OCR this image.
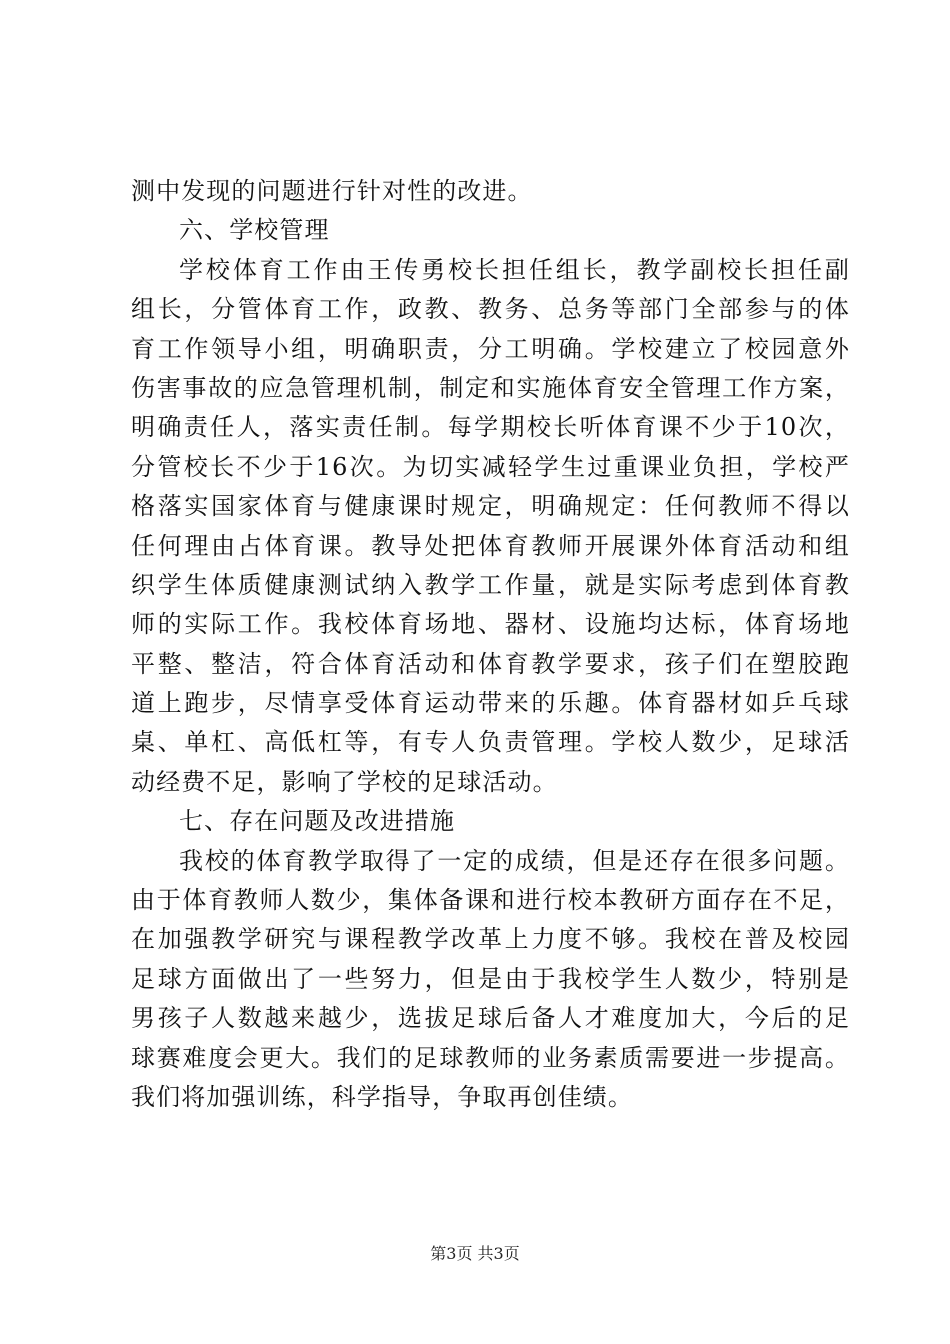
测中发现的问题进行针对性的改进。
六、学校管理
学校体育工作由王传勇校长担任组长，教学副校长担任副
组长，分管体育工作，政教、教务、总务等部门全部参与的体
育工作领导小组，明确职责，分工明确。学校建立了校园意外
伤害事故的应急管理机制，制定和实施体育安全管理工作方案，
明确责任人，落实责任制。每学期校长听体育课不少于10次，
分管校长不少于16次。为切实减轻学生过重课业负担，学校严
格落实国家体育与健康课时规定，明确规定：任何教师不得以
任何理由占体育课。教导处把体育教师开展课外体育活动和组
织学生体质健康测试纳入教学工作量，就是实际考虑到体育教
师的实际工作。我校体育场地、器材、设施均达标，体育场地
平整、整洁，符合体育活动和体育教学要求，孩子们在塑胶跑
道上跑步，尽情享受体育运动带来的乐趣。体育器材如乒乓球
桌、单杠、高低杠等，有专人负责管理。学校人数少，足球活
动经费不足，影响了学校的足球活动。
七、存在问题及改进措施
我校的体育教学取得了一定的成绩，但是还存在很多问题。
由于体育教师人数少，集体备课和进行校本教研方面存在不足，
在加强教学研究与课程教学改革上力度不够。我校在普及校园
足球方面做出了一些努力，但是由于我校学生人数少，特别是
男孩子人数越来越少，选拔足球后备人才难度加大，今后的足
球赛难度会更大。我们的足球教师的业务素质需要进一步提高。
我们将加强训练，科学指导，争取再创佳绩。
第3页 共3页
